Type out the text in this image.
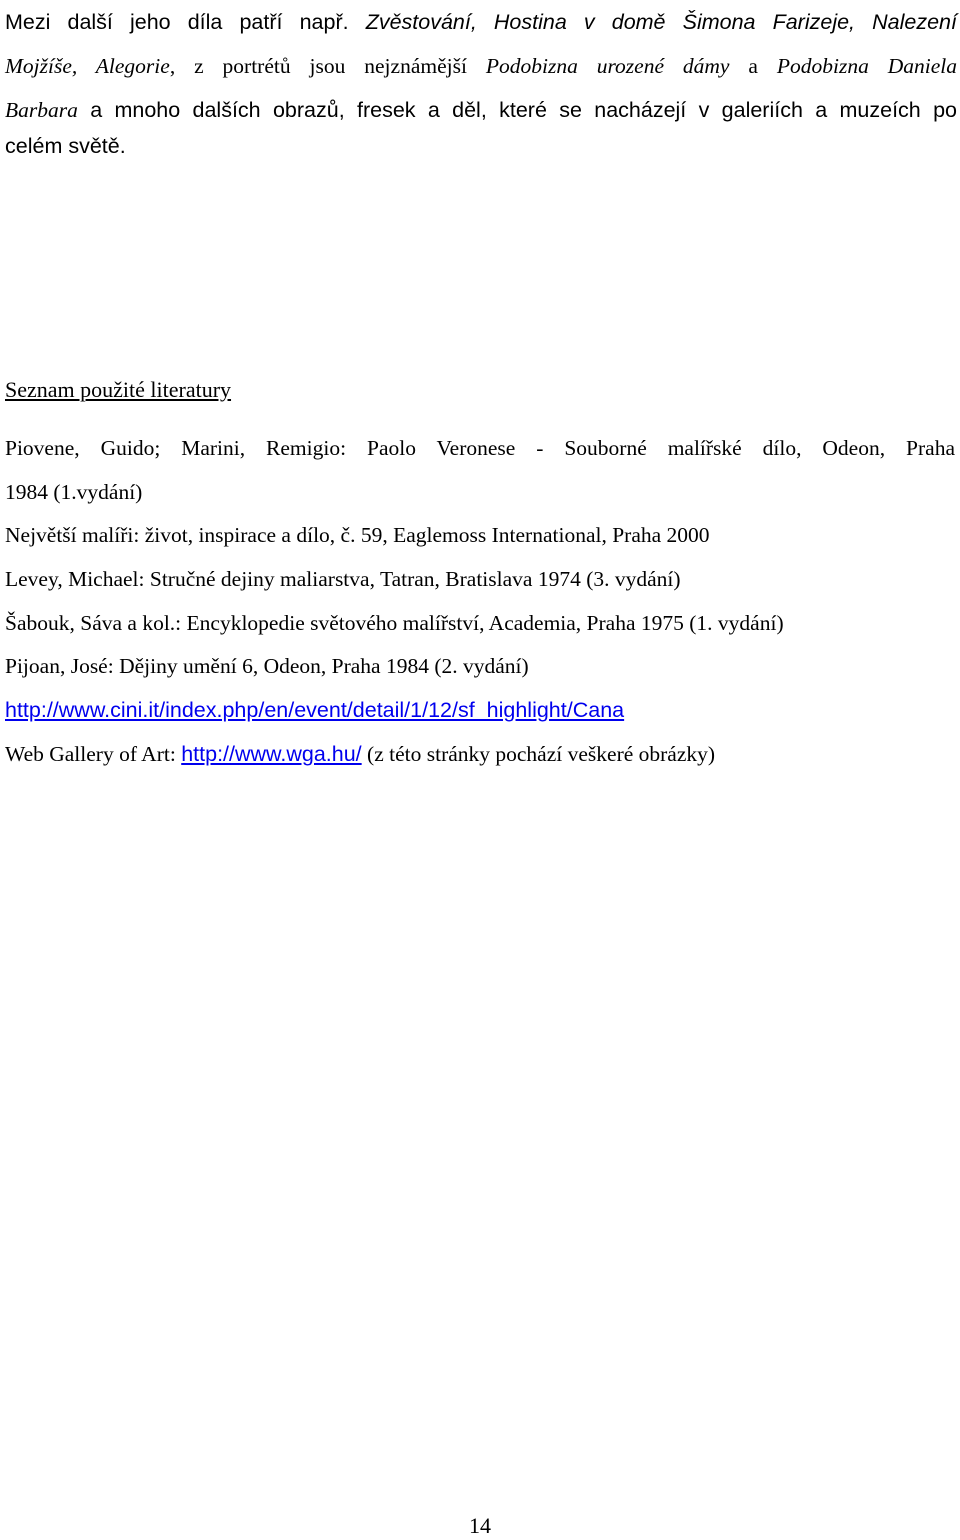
Mezi další jeho díla patří např. Zvěstování, Hostina v domě Šimona Farizeje, Nalezení
Mojžíše, Alegorie, z portrétů jsou nejznámější Podobizna urozené dámy a Podobizna Daniela
Barbara a mnoho dalších obrazů, fresek a děl, které se nacházejí v galeriích a muzeích po

celém světě.

Seznam použité literatury

Piovene, Guido; Marini, Remigio: Paolo Veronese - Souborné malířské dílo, Odeon, Praha

1984 (1.vydání)

Největší malíři: život, inspirace a dílo, č. 59, Eaglemoss International, Praha 2000

Levey, Michael: Stručné dejiny maliarstva, Tatran, Bratislava 1974 (3. vydání)

Šabouk, Sáva a kol.: Encyklopedie světového malířství, Academia, Praha 1975 (1. vydání)

Pijoan, José: Dějiny umění 6, Odeon, Praha 1984 (2. vydání)

http://www.cini.it/index.php/en/event/detail/1/12/sf_highlight/Cana

Web Gallery of Art: http://www.wga.hu/ (z této stránky pochází veškeré obrázky)

14
